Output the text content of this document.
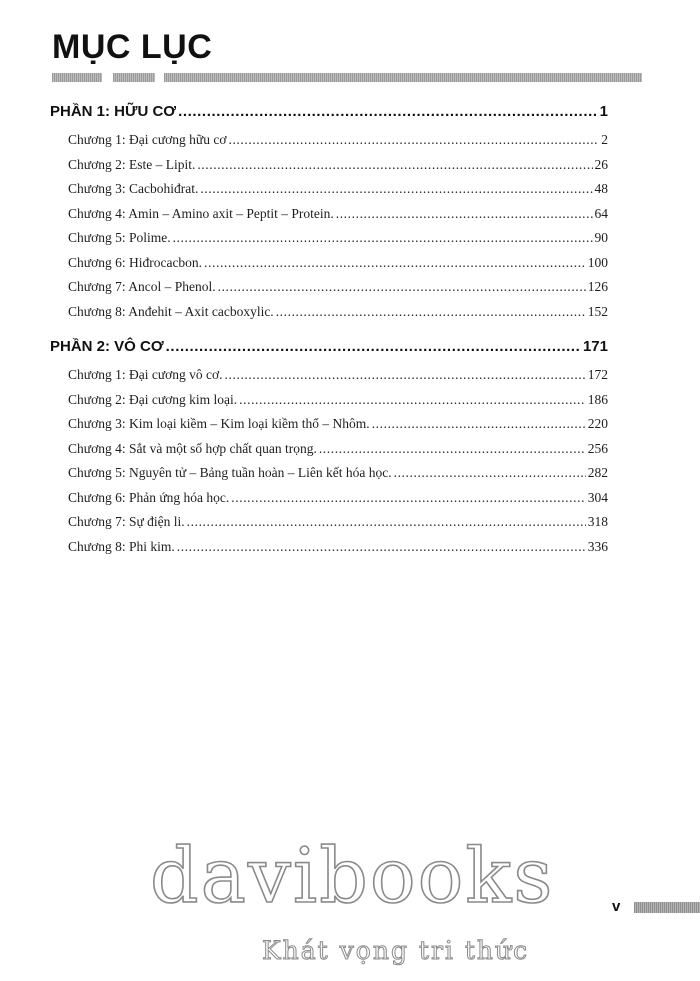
MỤC LỤC
PHẦN 1: HỮU CƠ .....	1
Chương 1: Đại cương hữu cơ .....	2
Chương 2: Este – Lipit. .....	26
Chương 3: Cacbohiđrat. .....	48
Chương 4: Amin – Amino axit – Peptit – Protein. .....	64
Chương 5: Polime. .....	90
Chương 6: Hiđrocacbon. .....	100
Chương 7: Ancol – Phenol. .....	126
Chương 8: Anđehit – Axit cacboxylic. .....	152
PHẦN 2: VÔ CƠ .....	171
Chương 1: Đại cương vô cơ. .....	172
Chương 2: Đại cương kim loại. .....	186
Chương 3: Kim loại kiềm – Kim loại kiềm thổ – Nhôm. .....	220
Chương 4: Sắt và một số hợp chất quan trọng. .....	256
Chương 5: Nguyên tử – Bảng tuần hoàn – Liên kết hóa học. .....	282
Chương 6: Phản ứng hóa học. .....	304
Chương 7: Sự điện li. .....	318
Chương 8: Phi kim. .....	336
v
davibooks
Khát vọng tri thức
